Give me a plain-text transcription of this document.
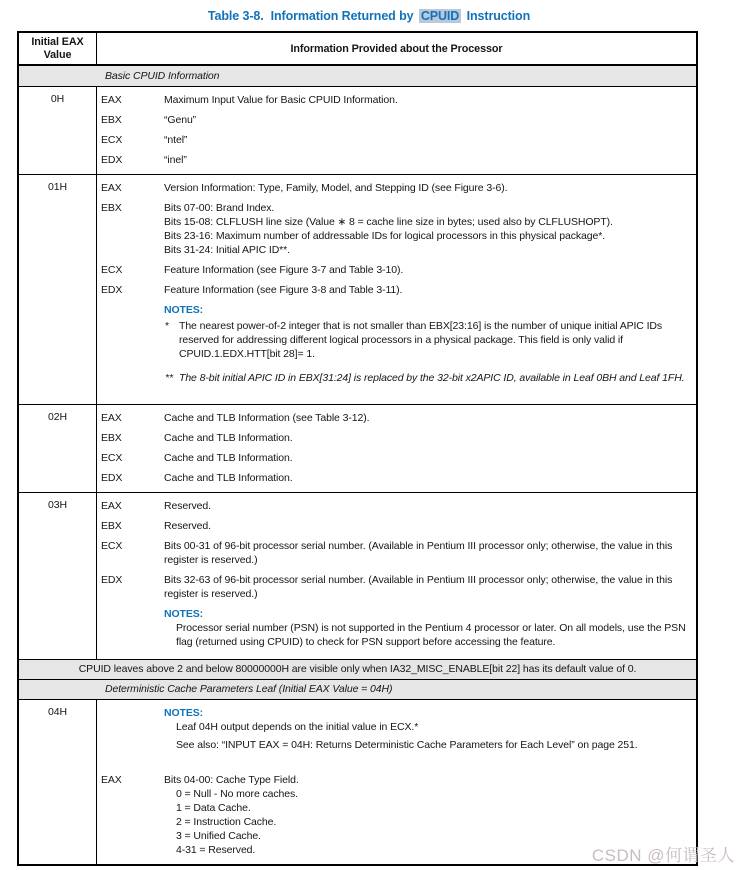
Table 3-8. Information Returned by CPUID Instruction
Initial EAX
Value	Information Provided about the Processor
Basic CPUID Information
0H	EAX	Maximum Input Value for Basic CPUID Information.
EBX	“Genu”
ECX	“ntel”
EDX	“inel”
01H	EAX	Version Information: Type, Family, Model, and Stepping ID (see Figure 3-6).
EBX	Bits 07-00: Brand Index.
Bits 15-08: CLFLUSH line size (Value ∗ 8 = cache line size in bytes; used also by CLFLUSHOPT).
Bits 23-16: Maximum number of addressable IDs for logical processors in this physical package*.
Bits 31-24: Initial APIC ID**.
ECX	Feature Information (see Figure 3-7 and Table 3-10).
EDX	Feature Information (see Figure 3-8 and Table 3-11).
NOTES:
* The nearest power-of-2 integer that is not smaller than EBX[23:16] is the number of unique initial APIC IDs reserved for addressing different logical processors in a physical package. This field is only valid if CPUID.1.EDX.HTT[bit 28]= 1.
** The 8-bit initial APIC ID in EBX[31:24] is replaced by the 32-bit x2APIC ID, available in Leaf 0BH and Leaf 1FH.
02H	EAX	Cache and TLB Information (see Table 3-12).
EBX	Cache and TLB Information.
ECX	Cache and TLB Information.
EDX	Cache and TLB Information.
03H	EAX	Reserved.
EBX	Reserved.
ECX	Bits 00-31 of 96-bit processor serial number. (Available in Pentium III processor only; otherwise, the value in this register is reserved.)
EDX	Bits 32-63 of 96-bit processor serial number. (Available in Pentium III processor only; otherwise, the value in this register is reserved.)
NOTES:
Processor serial number (PSN) is not supported in the Pentium 4 processor or later. On all models, use the PSN flag (returned using CPUID) to check for PSN support before accessing the feature.
CPUID leaves above 2 and below 80000000H are visible only when IA32_MISC_ENABLE[bit 22] has its default value of 0.
Deterministic Cache Parameters Leaf (Initial EAX Value = 04H)
04H	NOTES:
Leaf 04H output depends on the initial value in ECX.*
See also: “INPUT EAX = 04H: Returns Deterministic Cache Parameters for Each Level” on page 251.
EAX	Bits 04-00: Cache Type Field.
0 = Null - No more caches.
1 = Data Cache.
2 = Instruction Cache.
3 = Unified Cache.
4-31 = Reserved.	CSDN @何谓圣人
